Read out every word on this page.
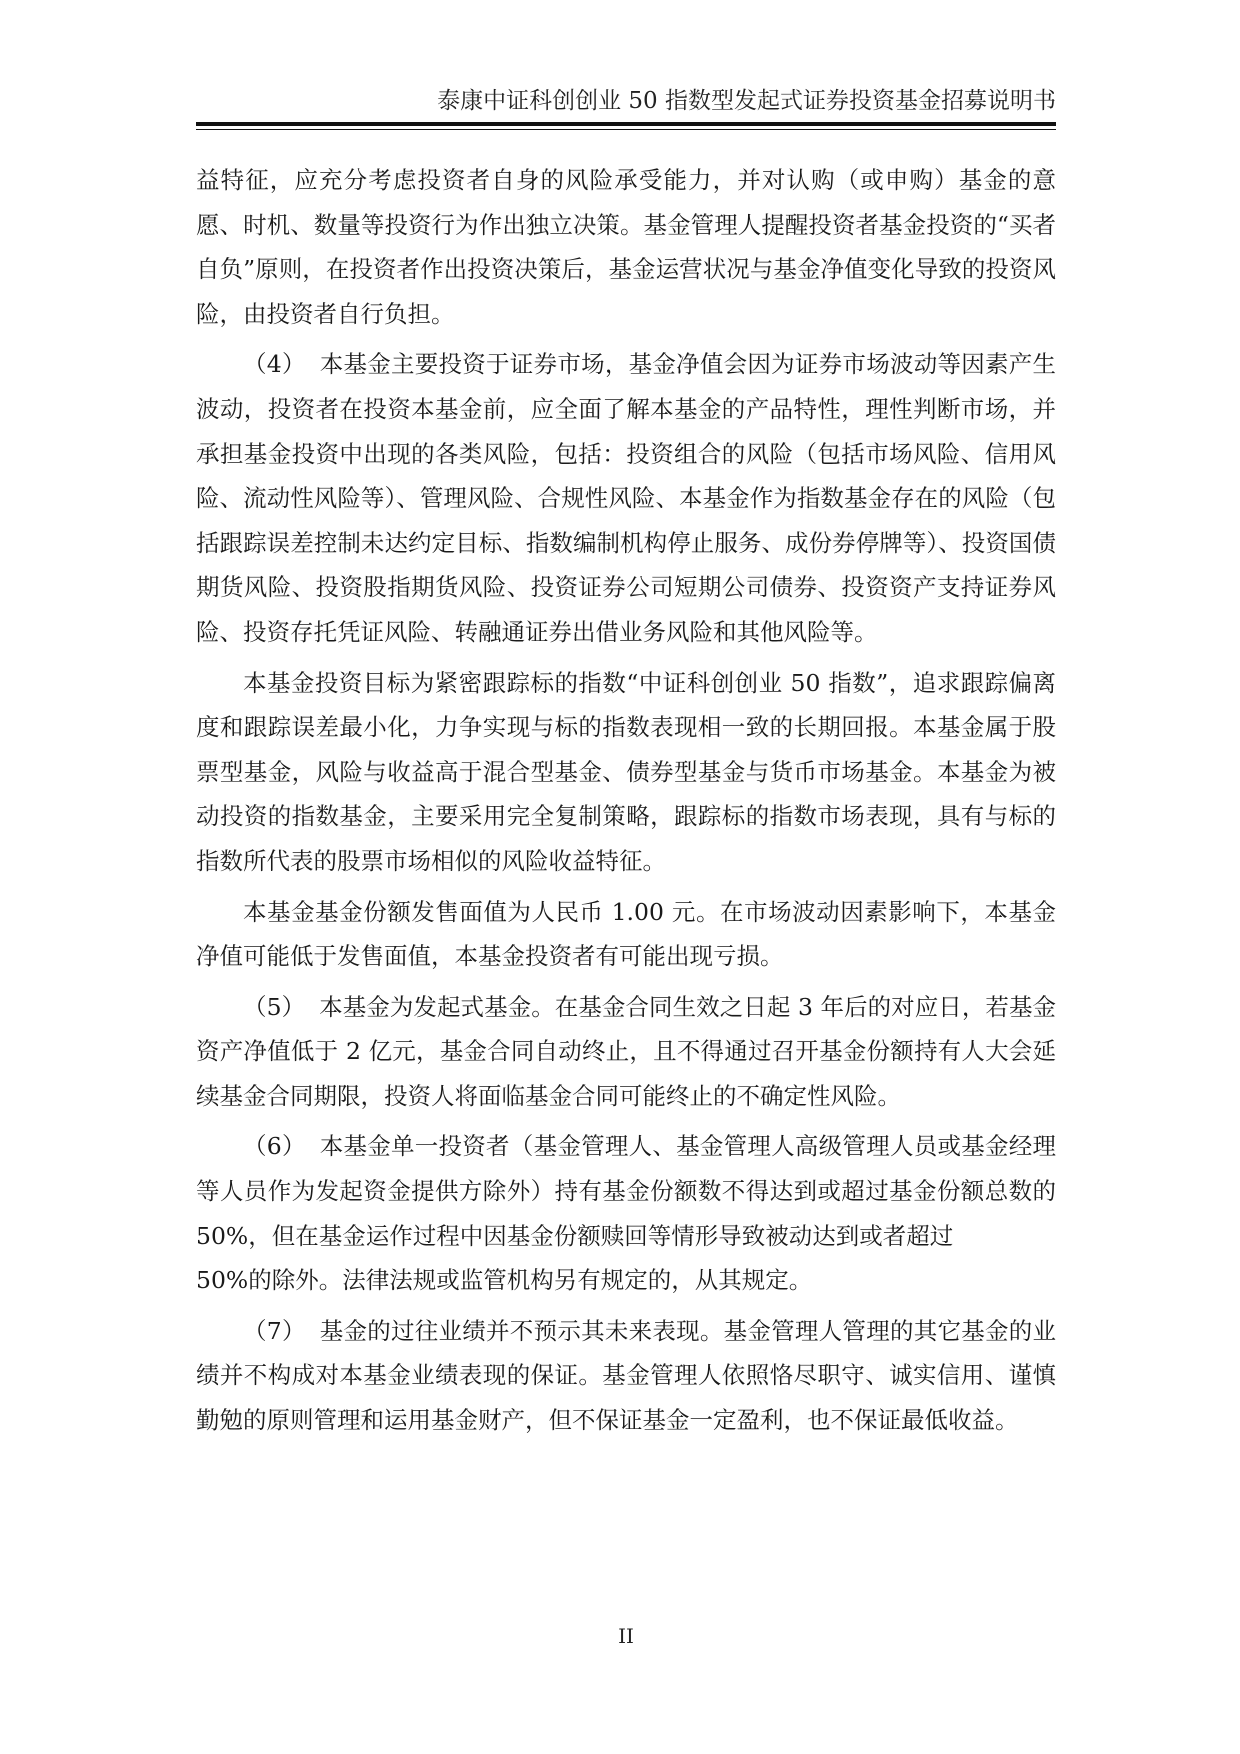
泰康中证科创创业 50 指数型发起式证券投资基金招募说明书

益特征，应充分考虑投资者自身的风险承受能力，并对认购（或申购）基金的意愿、时机、数量等投资行为作出独立决策。基金管理人提醒投资者基金投资的“买者自负”原则，在投资者作出投资决策后，基金运营状况与基金净值变化导致的投资风险，由投资者自行负担。

（4） 本基金主要投资于证券市场，基金净值会因为证券市场波动等因素产生波动，投资者在投资本基金前，应全面了解本基金的产品特性，理性判断市场，并承担基金投资中出现的各类风险，包括：投资组合的风险（包括市场风险、信用风险、流动性风险等）、管理风险、合规性风险、本基金作为指数基金存在的风险（包括跟踪误差控制未达约定目标、指数编制机构停止服务、成份券停牌等）、投资国债期货风险、投资股指期货风险、投资证券公司短期公司债券、投资资产支持证券风险、投资存托凭证风险、转融通证券出借业务风险和其他风险等。

本基金投资目标为紧密跟踪标的指数“中证科创创业 50 指数”，追求跟踪偏离度和跟踪误差最小化，力争实现与标的指数表现相一致的长期回报。本基金属于股票型基金，风险与收益高于混合型基金、债券型基金与货币市场基金。本基金为被动投资的指数基金，主要采用完全复制策略，跟踪标的指数市场表现，具有与标的指数所代表的股票市场相似的风险收益特征。

本基金基金份额发售面值为人民币 1.00 元。在市场波动因素影响下，本基金净值可能低于发售面值，本基金投资者有可能出现亏损。

（5） 本基金为发起式基金。在基金合同生效之日起 3 年后的对应日，若基金资产净值低于 2 亿元，基金合同自动终止，且不得通过召开基金份额持有人大会延续基金合同期限，投资人将面临基金合同可能终止的不确定性风险。

（6） 本基金单一投资者（基金管理人、基金管理人高级管理人员或基金经理等人员作为发起资金提供方除外）持有基金份额数不得达到或超过基金份额总数的 50%，但在基金运作过程中因基金份额赎回等情形导致被动达到或者超过

50%的除外。法律法规或监管机构另有规定的，从其规定。

（7） 基金的过往业绩并不预示其未来表现。基金管理人管理的其它基金的业绩并不构成对本基金业绩表现的保证。基金管理人依照恪尽职守、诚实信用、谨慎勤勉的原则管理和运用基金财产，但不保证基金一定盈利，也不保证最低收益。

II
